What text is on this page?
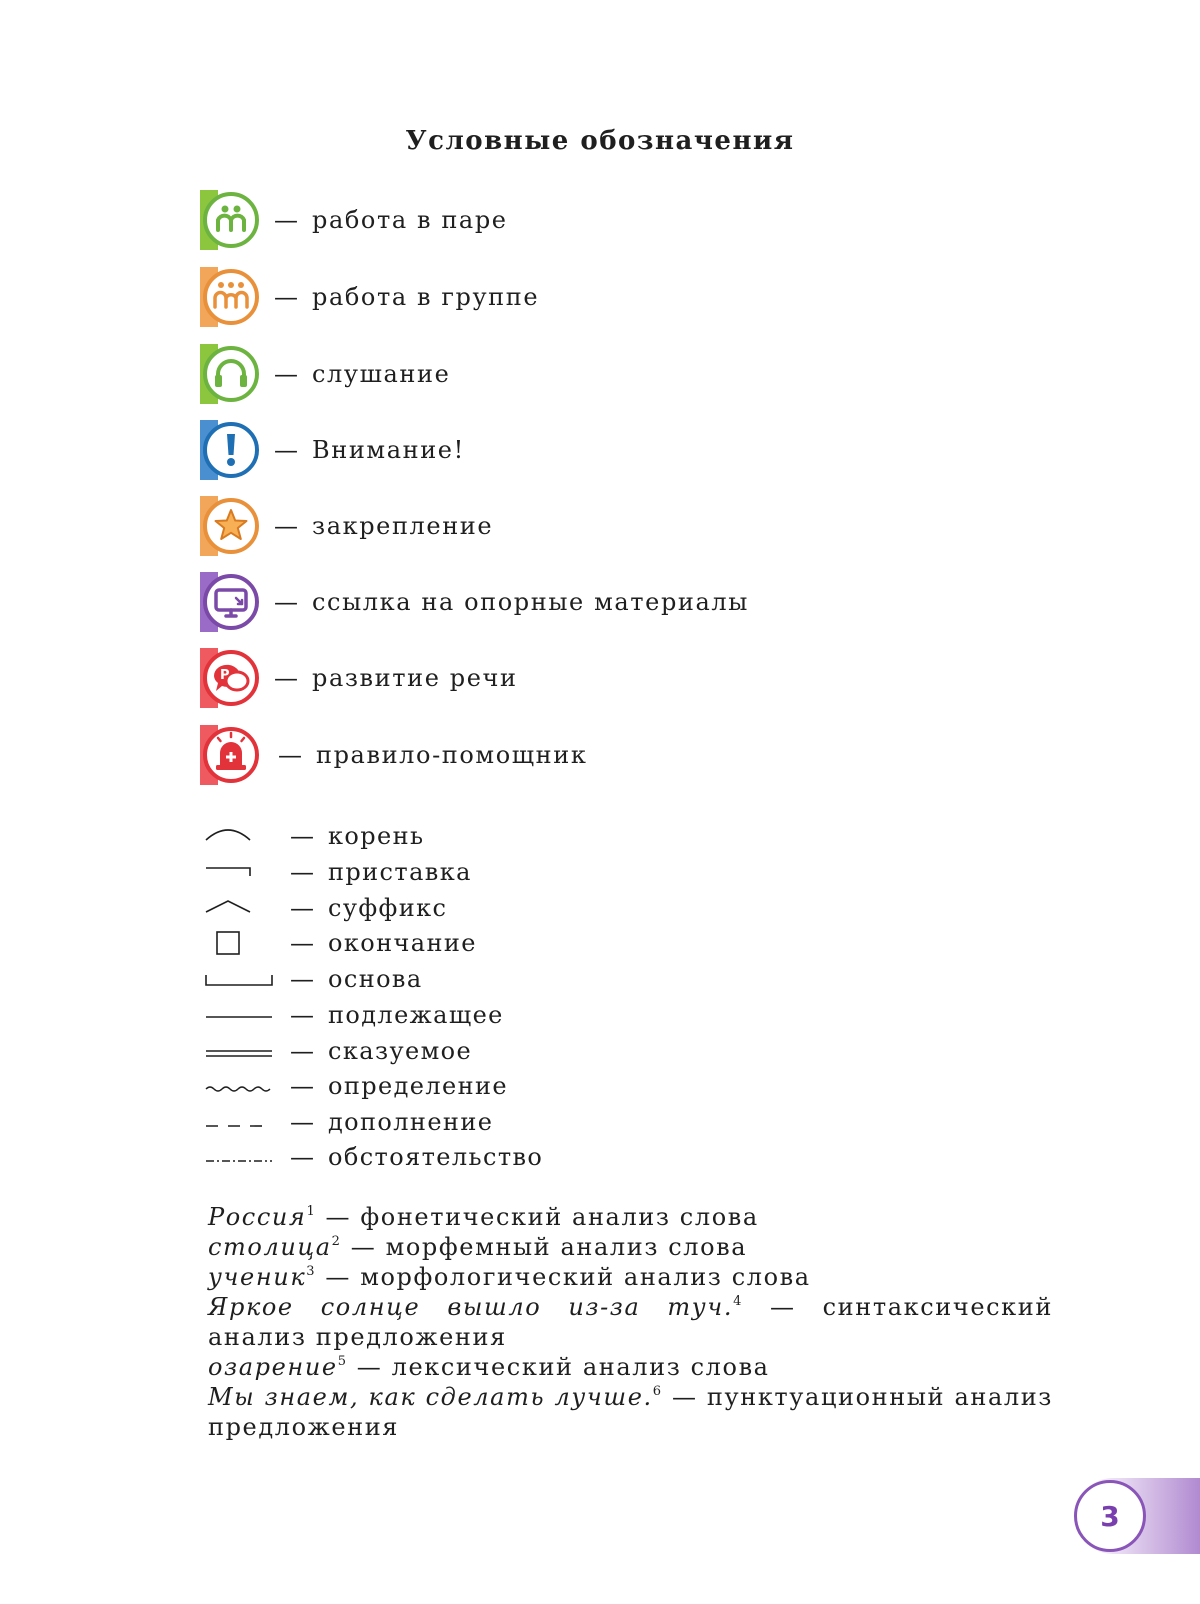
Условные обозначения
— работа в паре
— работа в группе
— слушание
— Внимание!
— закрепление
— ссылка на опорные материалы
P — развитие речи
— правило-помощник
— корень
— приставка
— суффикс
— окончание
— основа
— подлежащее
— сказуемое
— определение
— дополнение
— обстоятельство
Россия$^1$ — фонетический анализ слова
столица$^2$ — морфемный анализ слова
ученик$^3$ — морфологический анализ слова
Яркое солнце вышло из-за туч.$^4$ — синтаксический анализ предложения
озарение$^5$ — лексический анализ слова
Мы знаем, как сделать лучше.$^6$ — пунктуационный анализ предложения
3
